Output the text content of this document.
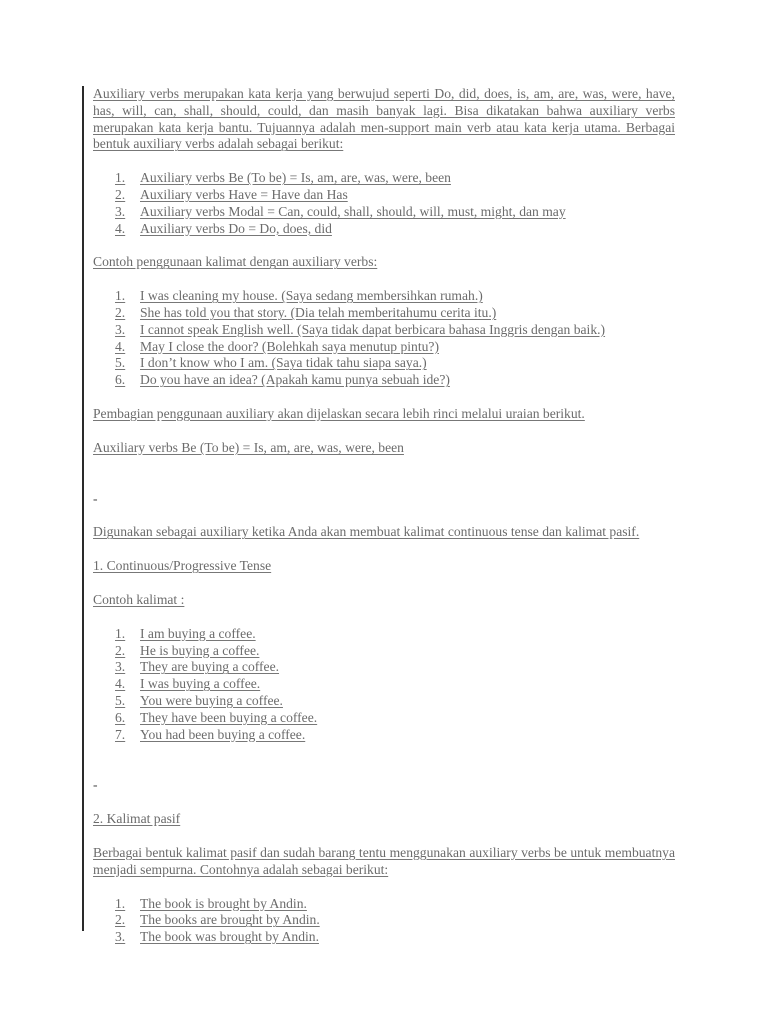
Auxiliary verbs merupakan kata kerja yang berwujud seperti Do, did, does, is, am, are, was, were, have, has, will, can, shall, should, could, dan masih banyak lagi. Bisa dikatakan bahwa auxiliary verbs merupakan kata kerja bantu. Tujuannya adalah men-support main verb atau kata kerja utama. Berbagai bentuk auxiliary verbs adalah sebagai berikut:

1. Auxiliary verbs Be (To be) = Is, am, are, was, were, been
2. Auxiliary verbs Have = Have dan Has
3. Auxiliary verbs Modal = Can, could, shall, should, will, must, might, dan may
4. Auxiliary verbs Do = Do, does, did

Contoh penggunaan kalimat dengan auxiliary verbs:

1. I was cleaning my house. (Saya sedang membersihkan rumah.)
2. She has told you that story. (Dia telah memberitahumu cerita itu.)
3. I cannot speak English well. (Saya tidak dapat berbicara bahasa Inggris dengan baik.)
4. May I close the door? (Bolehkah saya menutup pintu?)
5. I don’t know who I am. (Saya tidak tahu siapa saya.)
6. Do you have an idea? (Apakah kamu punya sebuah ide?)

Pembagian penggunaan auxiliary akan dijelaskan secara lebih rinci melalui uraian berikut.

Auxiliary verbs Be (To be) = Is, am, are, was, were, been

-

Digunakan sebagai auxiliary ketika Anda akan membuat kalimat continuous tense dan kalimat pasif.

1. Continuous/Progressive Tense

Contoh kalimat :

1. I am buying a coffee.
2. He is buying a coffee.
3. They are buying a coffee.
4. I was buying a coffee.
5. You were buying a coffee.
6. They have been buying a coffee.
7. You had been buying a coffee.

-

2. Kalimat pasif

Berbagai bentuk kalimat pasif dan sudah barang tentu menggunakan auxiliary verbs be untuk membuatnya menjadi sempurna. Contohnya adalah sebagai berikut:

1. The book is brought by Andin.
2. The books are brought by Andin.
3. The book was brought by Andin.
